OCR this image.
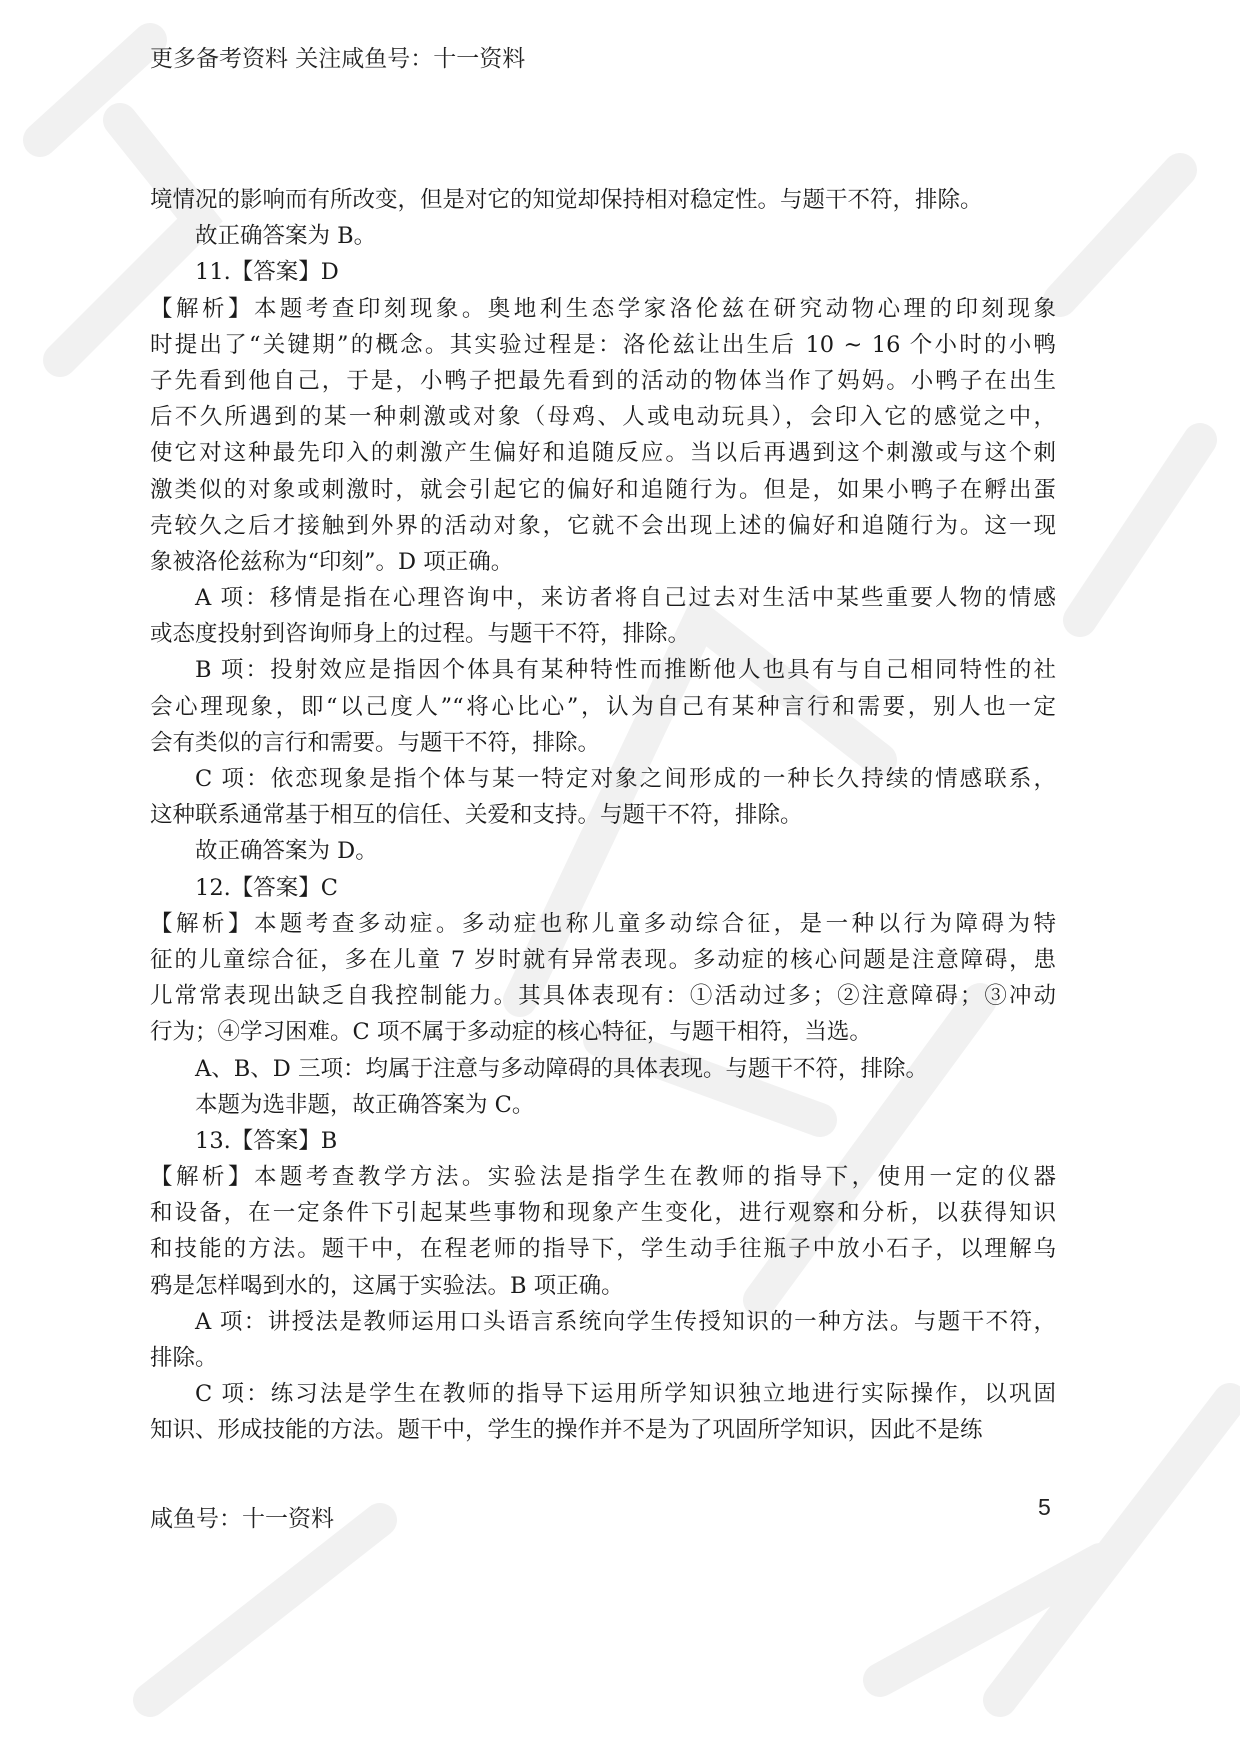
更多备考资料 关注咸鱼号：十一资料
境情况的影响而有所改变，但是对它的知觉却保持相对稳定性。与题干不符，排除。
故正确答案为 B。
11.【答案】D
【解析】本题考查印刻现象。奥地利生态学家洛伦兹在研究动物心理的印刻现象
时提出了“关键期”的概念。其实验过程是：洛伦兹让出生后 10 ~ 16 个小时的小鸭
子先看到他自己，于是，小鸭子把最先看到的活动的物体当作了妈妈。小鸭子在出生
后不久所遇到的某一种刺激或对象（母鸡、人或电动玩具），会印入它的感觉之中，
使它对这种最先印入的刺激产生偏好和追随反应。当以后再遇到这个刺激或与这个刺
激类似的对象或刺激时，就会引起它的偏好和追随行为。但是，如果小鸭子在孵出蛋
壳较久之后才接触到外界的活动对象，它就不会出现上述的偏好和追随行为。这一现
象被洛伦兹称为“印刻”。D 项正确。
A 项：移情是指在心理咨询中，来访者将自己过去对生活中某些重要人物的情感
或态度投射到咨询师身上的过程。与题干不符，排除。
B 项：投射效应是指因个体具有某种特性而推断他人也具有与自己相同特性的社
会心理现象，即“以己度人”“将心比心”，认为自己有某种言行和需要，别人也一定
会有类似的言行和需要。与题干不符，排除。
C 项：依恋现象是指个体与某一特定对象之间形成的一种长久持续的情感联系，
这种联系通常基于相互的信任、关爱和支持。与题干不符，排除。
故正确答案为 D。
12.【答案】C
【解析】本题考查多动症。多动症也称儿童多动综合征，是一种以行为障碍为特
征的儿童综合征，多在儿童 7 岁时就有异常表现。多动症的核心问题是注意障碍，患
儿常常表现出缺乏自我控制能力。其具体表现有：①活动过多；②注意障碍；③冲动
行为；④学习困难。C 项不属于多动症的核心特征，与题干相符，当选。
A、B、D 三项：均属于注意与多动障碍的具体表现。与题干不符，排除。
本题为选非题，故正确答案为 C。
13.【答案】B
【解析】本题考查教学方法。实验法是指学生在教师的指导下，使用一定的仪器
和设备，在一定条件下引起某些事物和现象产生变化，进行观察和分析，以获得知识
和技能的方法。题干中，在程老师的指导下，学生动手往瓶子中放小石子，以理解乌
鸦是怎样喝到水的，这属于实验法。B 项正确。
A 项：讲授法是教师运用口头语言系统向学生传授知识的一种方法。与题干不符，
排除。
C 项：练习法是学生在教师的指导下运用所学知识独立地进行实际操作，以巩固
知识、形成技能的方法。题干中，学生的操作并不是为了巩固所学知识，因此不是练
咸鱼号：十一资料	5
